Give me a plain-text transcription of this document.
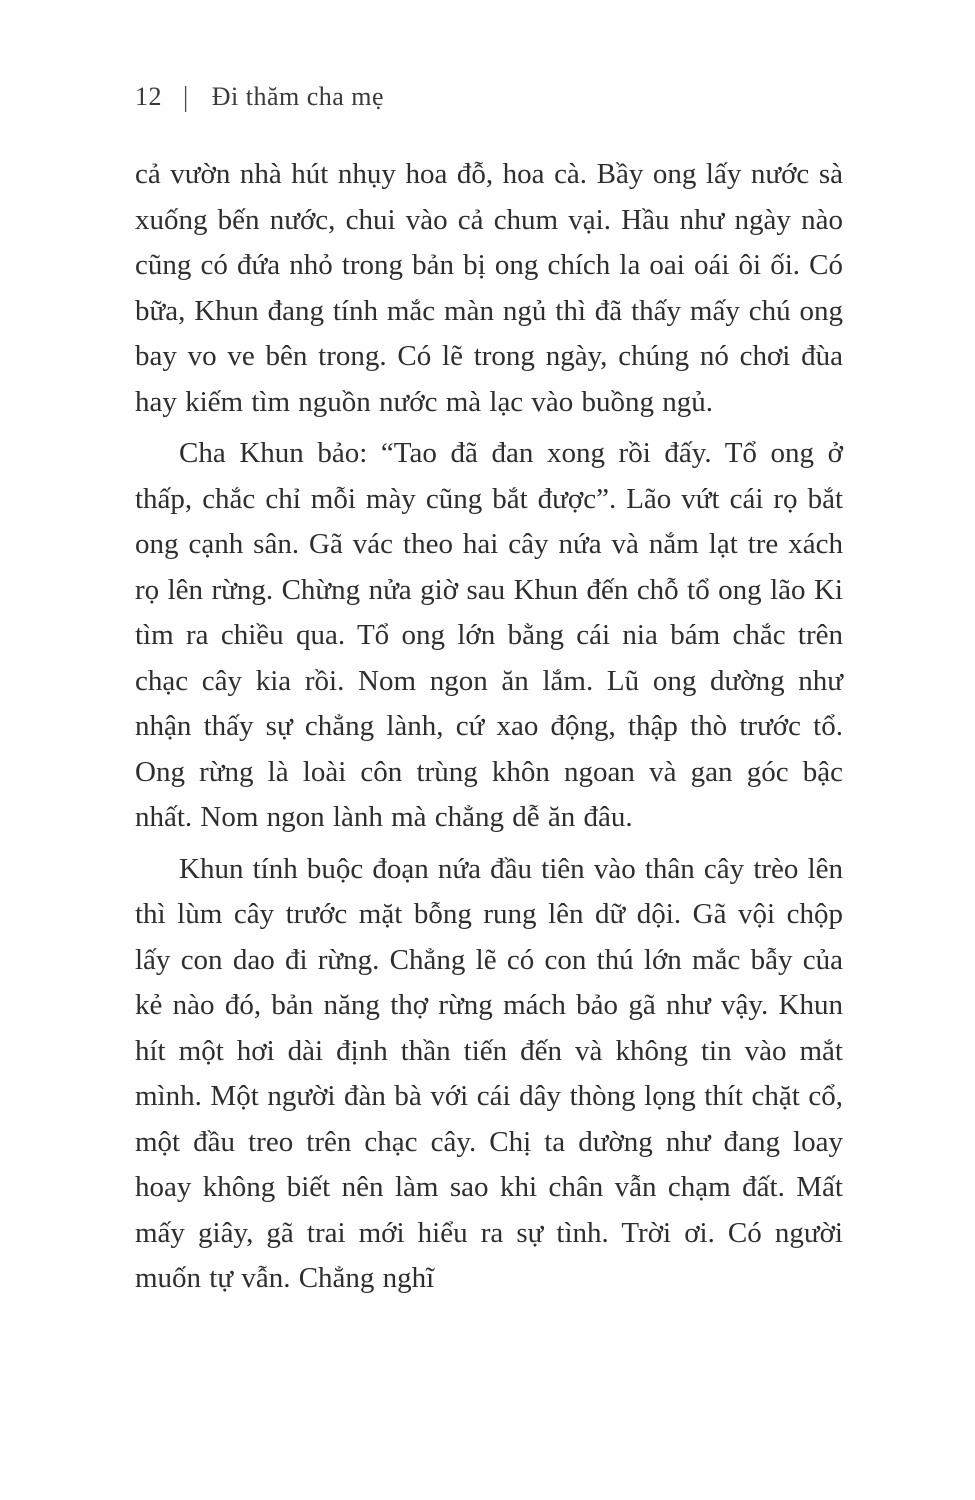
12 | Đi thăm cha mẹ

cả vườn nhà hút nhụy hoa đỗ, hoa cà. Bầy ong lấy nước sà xuống bến nước, chui vào cả chum vại. Hầu như ngày nào cũng có đứa nhỏ trong bản bị ong chích la oai oái ôi ối. Có bữa, Khun đang tính mắc màn ngủ thì đã thấy mấy chú ong bay vo ve bên trong. Có lẽ trong ngày, chúng nó chơi đùa hay kiếm tìm nguồn nước mà lạc vào buồng ngủ.

Cha Khun bảo: “Tao đã đan xong rồi đấy. Tổ ong ở thấp, chắc chỉ mỗi mày cũng bắt được”. Lão vứt cái rọ bắt ong cạnh sân. Gã vác theo hai cây nứa và nắm lạt tre xách rọ lên rừng. Chừng nửa giờ sau Khun đến chỗ tổ ong lão Ki tìm ra chiều qua. Tổ ong lớn bằng cái nia bám chắc trên chạc cây kia rồi. Nom ngon ăn lắm. Lũ ong dường như nhận thấy sự chẳng lành, cứ xao động, thập thò trước tổ. Ong rừng là loài côn trùng khôn ngoan và gan góc bậc nhất. Nom ngon lành mà chẳng dễ ăn đâu.

Khun tính buộc đoạn nứa đầu tiên vào thân cây trèo lên thì lùm cây trước mặt bỗng rung lên dữ dội. Gã vội chộp lấy con dao đi rừng. Chẳng lẽ có con thú lớn mắc bẫy của kẻ nào đó, bản năng thợ rừng mách bảo gã như vậy. Khun hít một hơi dài định thần tiến đến và không tin vào mắt mình. Một người đàn bà với cái dây thòng lọng thít chặt cổ, một đầu treo trên chạc cây. Chị ta dường như đang loay hoay không biết nên làm sao khi chân vẫn chạm đất. Mất mấy giây, gã trai mới hiểu ra sự tình. Trời ơi. Có người muốn tự vẫn. Chẳng nghĩ
